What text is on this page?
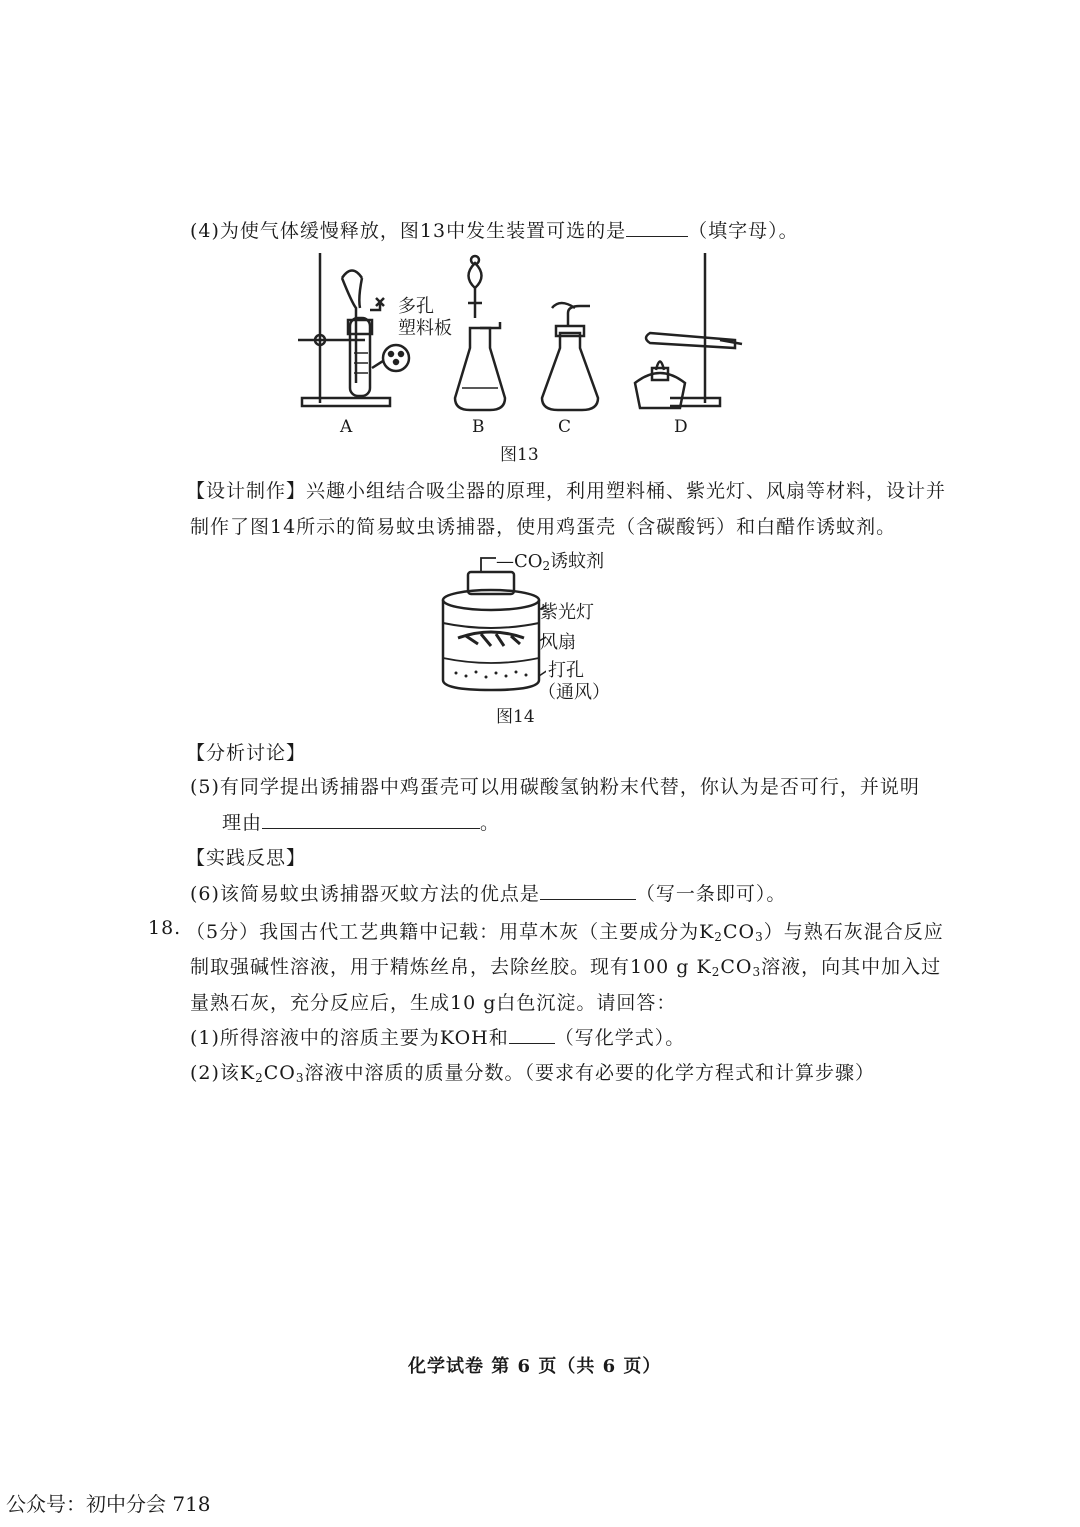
(4)为使气体缓慢释放，图13中发生装置可选的是	（填字母）。
多孔
塑料板
A	B	C	D
图13
【设计制作】兴趣小组结合吸尘器的原理，利用塑料桶、紫光灯、风扇等材料，设计并
制作了图14所示的简易蚊虫诱捕器，使用鸡蛋壳（含碳酸钙）和白醋作诱蚊剂。
$—CO_2$诱蚊剂
紫光灯
风扇
打孔
（通风）
图14
【分析讨论】
(5)有同学提出诱捕器中鸡蛋壳可以用碳酸氢钠粉末代替，你认为是否可行，并说明
理由	。
【实践反思】
(6)该简易蚊虫诱捕器灭蚊方法的优点是	（写一条即可）。
18. （5分）我国古代工艺典籍中记载：用草木灰（主要成分为$K_2CO_3$）与熟石灰混合反应
制取强碱性溶液，用于精炼丝帛，去除丝胶。现有100 g $K_2CO_3$溶液，向其中加入过
量熟石灰，充分反应后，生成10 g白色沉淀。请回答：
(1)所得溶液中的溶质主要为KOH和 （写化学式）。
(2)该$K_2CO_3$溶液中溶质的质量分数。（要求有必要的化学方程式和计算步骤）
化学试卷 第 6 页（共 6 页）
公众号：初中分会 718
